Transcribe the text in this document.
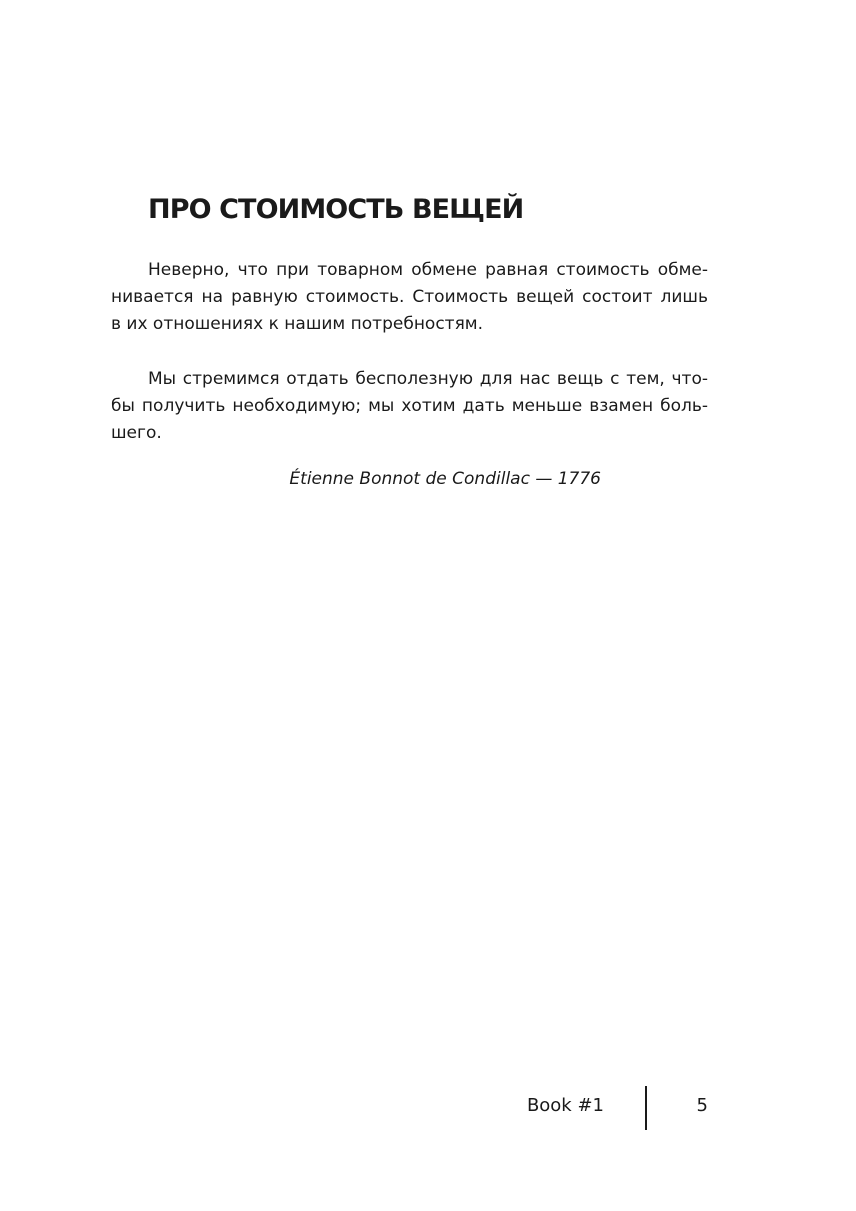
ПРО СТОИМОСТЬ ВЕЩЕЙ
Неверно, что при товарном обмене равная стоимость обме-
нивается на равную стоимость. Стоимость вещей состоит лишь
в их отношениях к нашим потребностям.
Мы стремимся отдать бесполезную для нас вещь с тем, что-
бы получить необходимую; мы хотим дать меньше взамен боль-
шего.
Étienne Bonnot de Condillac — 1776
Book #1	5
